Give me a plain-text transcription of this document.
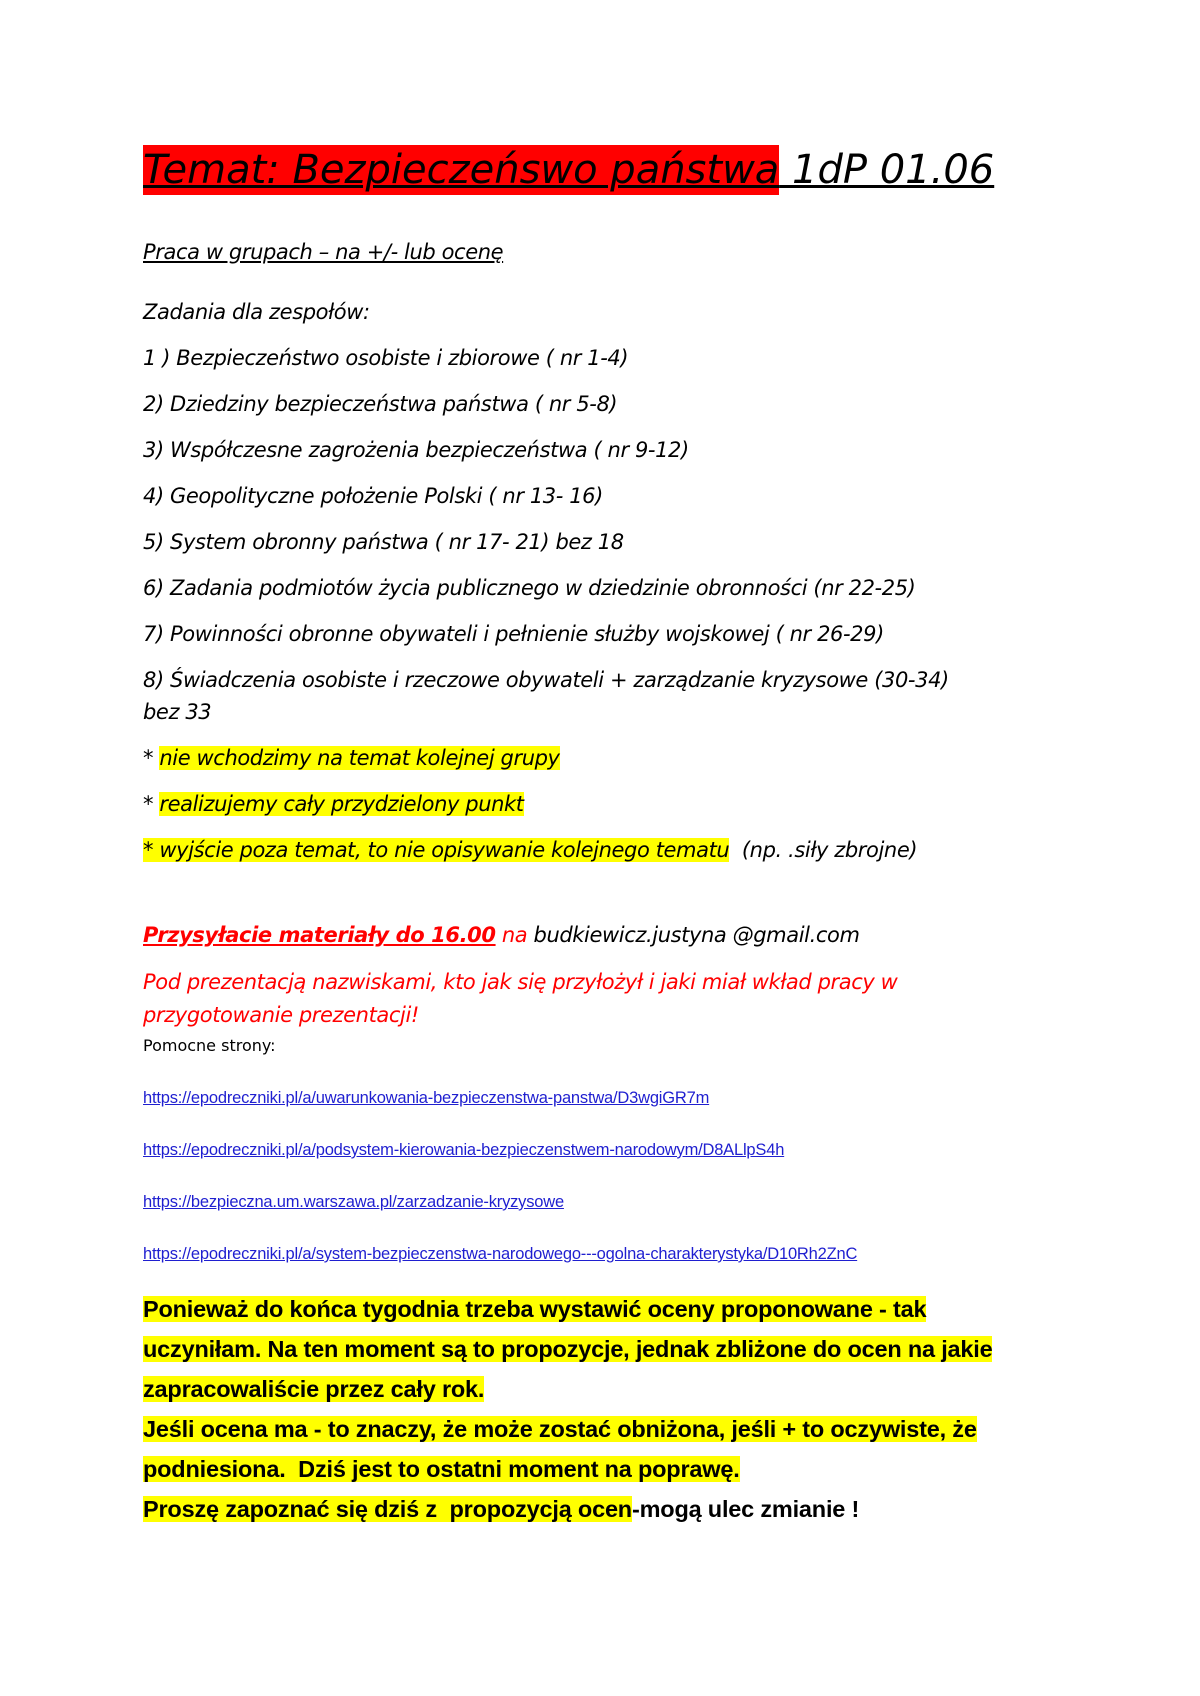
Temat: Bezpieczeńswo państwa 1dP 01.06
Praca w grupach – na +/- lub ocenę
Zadania dla zespołów:
1 ) Bezpieczeństwo osobiste i zbiorowe ( nr 1-4)
2) Dziedziny bezpieczeństwa państwa ( nr 5-8)
3) Współczesne zagrożenia bezpieczeństwa ( nr 9-12)
4) Geopolityczne położenie Polski ( nr 13- 16)
5) System obronny państwa ( nr 17- 21) bez 18
6) Zadania podmiotów życia publicznego w dziedzinie obronności (nr 22-25)
7) Powinności obronne obywateli i pełnienie służby wojskowej ( nr 26-29)
8) Świadczenia osobiste i rzeczowe obywateli + zarządzanie kryzysowe (30-34)
bez 33
* nie wchodzimy na temat kolejnej grupy
* realizujemy cały przydzielony punkt
* wyjście poza temat, to nie opisywanie kolejnego tematu  (np. .siły zbrojne)
Przysyłacie materiały do 16.00 na budkiewicz.justyna @gmail.com
Pod prezentacją nazwiskami, kto jak się przyłożył i jaki miał wkład pracy w
przygotowanie prezentacji!
Pomocne strony:
https://epodreczniki.pl/a/uwarunkowania-bezpieczenstwa-panstwa/D3wgiGR7m
https://epodreczniki.pl/a/podsystem-kierowania-bezpieczenstwem-narodowym/D8ALlpS4h
https://bezpieczna.um.warszawa.pl/zarzadzanie-kryzysowe
https://epodreczniki.pl/a/system-bezpieczenstwa-narodowego---ogolna-charakterystyka/D10Rh2ZnC
Ponieważ do końca tygodnia trzeba wystawić oceny proponowane - tak
uczyniłam. Na ten moment są to propozycje, jednak zbliżone do ocen na jakie
zapracowaliście przez cały rok.
Jeśli ocena ma - to znaczy, że może zostać obniżona, jeśli + to oczywiste, że
podniesiona.  Dziś jest to ostatni moment na poprawę.
Proszę zapoznać się dziś z  propozycją ocen-mogą ulec zmianie !
